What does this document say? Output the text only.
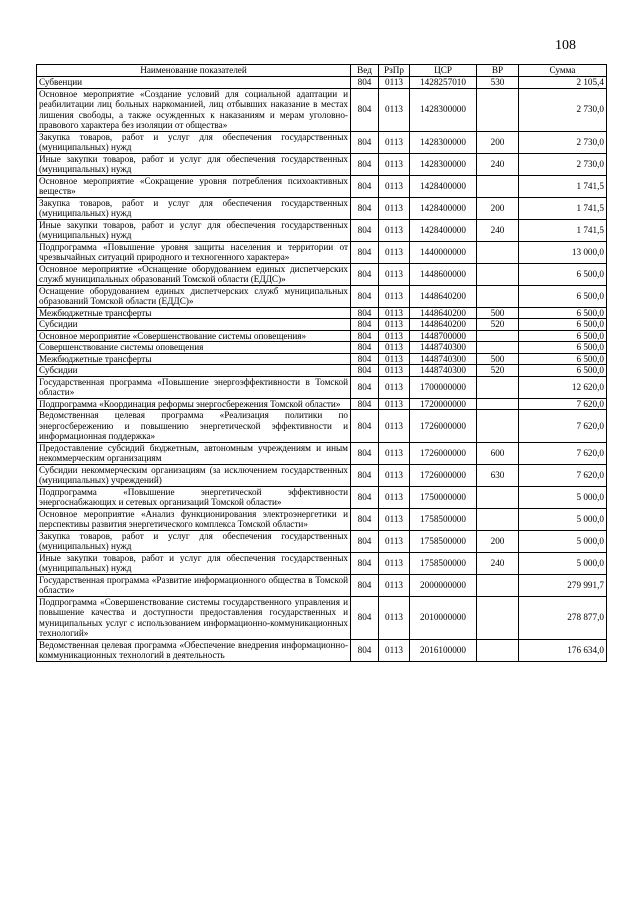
108
Наименование показателей	Вед	РзПр	ЦСР	ВР	Сумма
Субвенции	804	0113	1428257010	530	2 105,4
Основное мероприятие «Создание условий для социальной адаптации и реабилитации лиц больных наркоманией, лиц отбывших наказание в местах лишения свободы, а также осужденных к наказаниям и мерам уголовно-правового характера без изоляции от общества»	804	0113	1428300000		2 730,0
Закупка товаров, работ и услуг для обеспечения государственных (муниципальных) нужд	804	0113	1428300000	200	2 730,0
Иные закупки товаров, работ и услуг для обеспечения государственных (муниципальных) нужд	804	0113	1428300000	240	2 730,0
Основное мероприятие «Сокращение уровня потребления психоактивных веществ»	804	0113	1428400000		1 741,5
Закупка товаров, работ и услуг для обеспечения государственных (муниципальных) нужд	804	0113	1428400000	200	1 741,5
Иные закупки товаров, работ и услуг для обеспечения государственных (муниципальных) нужд	804	0113	1428400000	240	1 741,5
Подпрограмма «Повышение уровня защиты населения и территории от чрезвычайных ситуаций природного и техногенного характера»	804	0113	1440000000		13 000,0
Основное мероприятие «Оснащение оборудованием единых диспетчерских служб муниципальных образований Томской области (ЕДДС)»	804	0113	1448600000		6 500,0
Оснащение оборудованием единых диспетчерских служб муниципальных образований Томской области (ЕДДС)»	804	0113	1448640200		6 500,0
Межбюджетные трансферты	804	0113	1448640200	500	6 500,0
Субсидии	804	0113	1448640200	520	6 500,0
Основное мероприятие «Совершенствование системы оповещения»	804	0113	1448700000		6 500,0
Совершенствование системы оповещения	804	0113	1448740300		6 500,0
Межбюджетные трансферты	804	0113	1448740300	500	6 500,0
Субсидии	804	0113	1448740300	520	6 500,0
Государственная программа «Повышение энергоэффективности в Томской области»	804	0113	1700000000		12 620,0
Подпрограмма «Координация реформы энергосбережения Томской области»	804	0113	1720000000		7 620,0
Ведомственная целевая программа «Реализация политики по энергосбережению и повышению энергетической эффективности и информационная поддержка»	804	0113	1726000000		7 620,0
Предоставление субсидий бюджетным, автономным учреждениям и иным некоммерческим организациям	804	0113	1726000000	600	7 620,0
Субсидии некоммерческим организациям (за исключением государственных (муниципальных) учреждений)	804	0113	1726000000	630	7 620,0
Подпрограмма «Повышение энергетической эффективности энергоснабжающих и сетевых организаций Томской области»	804	0113	1750000000		5 000,0
Основное мероприятие «Анализ функционирования электроэнергетики и перспективы развития энергетического комплекса Томской области»	804	0113	1758500000		5 000,0
Закупка товаров, работ и услуг для обеспечения государственных (муниципальных) нужд	804	0113	1758500000	200	5 000,0
Иные закупки товаров, работ и услуг для обеспечения государственных (муниципальных) нужд	804	0113	1758500000	240	5 000,0
Государственная программа «Развитие информационного общества в Томской области»	804	0113	2000000000		279 991,7
Подпрограмма «Совершенствование системы государственного управления и повышение качества и доступности предоставления государственных и муниципальных услуг с использованием информационно-коммуникационных технологий»	804	0113	2010000000		278 877,0
Ведомственная целевая программа «Обеспечение внедрения информационно-коммуникационных технологий в деятельность	804	0113	2016100000		176 634,0
